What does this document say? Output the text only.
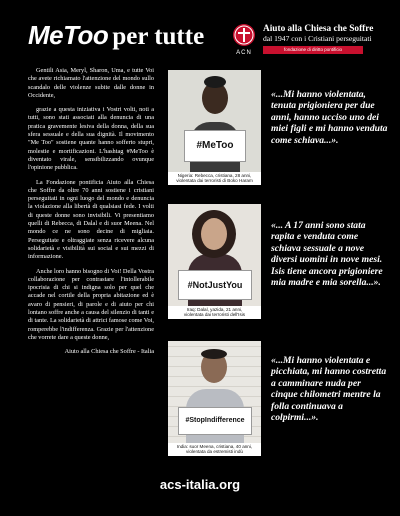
MeToo per tutte
ACN
Aiuto alla Chiesa che Soffre
dal 1947 con i Cristiani perseguitati
fondazione di diritto pontificio

Gentili Asia, Meryl, Sharon, Uma, e tutte Voi che avete richiamato l'attenzione del mondo sullo scandalo delle violenze subite dalle donne in Occidente,

grazie a questa iniziativa i Vostri volti, noti a tutti, sono stati associati alla denuncia di una pratica gravemente lesiva della donna, della sua sfera sessuale e della sua dignità. Il movimento "Me Too" sostiene quante hanno sofferto stupri, molestie e mortificazioni. L'hashtag #MeToo è diventato virale, sensibilizzando ovunque l'opinione pubblica.

La Fondazione pontificia Aiuto alla Chiesa che Soffre da oltre 70 anni sostiene i cristiani perseguitati in ogni luogo del mondo e denuncia la violazione alla libertà di qualsiasi fede. I volti di queste donne sono invisibili. Vi presentiamo quelli di Rebecca, di Dalal e di suor Meena. Nel mondo ce ne sono decine di migliaia. Perseguitate e oltraggiate senza ricevere alcuna solidarietà e visibilità sui social e sui mezzi di informazione.

Anche loro hanno bisogno di Voi! Della Vostra collaborazione per contrastare l'intollerabile ipocrisia di chi si indigna solo per quel che accade nel cortile della propria abitazione ed è avaro di pensieri, di parole e di aiuto per chi lontano soffre anche a causa del silenzio di tanti e di tante. La solidarietà di attrici famose come Voi, romperebbe l'indifferenza. Grazie per l'attenzione che vorrete dare a queste donne,

Aiuto alla Chiesa che Soffre - Italia

#MeToo
Nigeria: Rebecca, cristiana, 28 anni,
violentata dai terroristi di Boko Haram
«...Mi hanno violentata, tenuta prigioniera per due anni, hanno ucciso uno dei miei figli e mi hanno venduta come schiava...».
#NotJustYou
Iraq: Dalal, yazida, 21 anni,
violentata dai terroristi dell'Isis
«... A 17 anni sono stata rapita e venduta come schiava sessuale a nove diversi uomini in nove mesi. Isis tiene ancora prigioniere mia madre e mia sorella...».
#StopIndifference
India: suor Meena, cristiana, 40 anni,
violentata da estremisti indù
«...Mi hanno violentata e picchiata, mi hanno costretta a camminare nuda per cinque chilometri mentre la folla continuava a colpirmi...».
acs-italia.org
